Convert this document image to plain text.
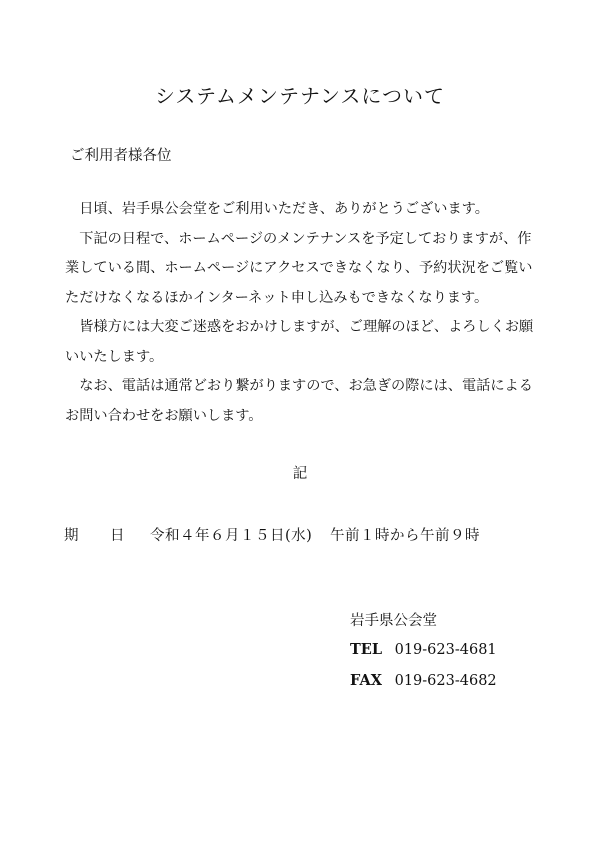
システムメンテナンスについて
ご利用者様各位

　日頃、岩手県公会堂をご利用いただき、ありがとうございます。

　下記の日程で、ホームページのメンテナンスを予定しておりますが、作業している間、ホームページにアクセスできなくなり、予約状況をご覧いただけなくなるほかインターネット申し込みもできなくなります。

　皆様方には大変ご迷惑をおかけしますが、ご理解のほど、よろしくお願いいたします。

　なお、電話は通常どおり繋がりますので、お急ぎの際には、電話によるお問い合わせをお願いします。

記
期 日 令和４年６月１５日(水) 午前１時から午前９時
岩手県公会堂
TEL 019-623-4681
FAX 019-623-4682
